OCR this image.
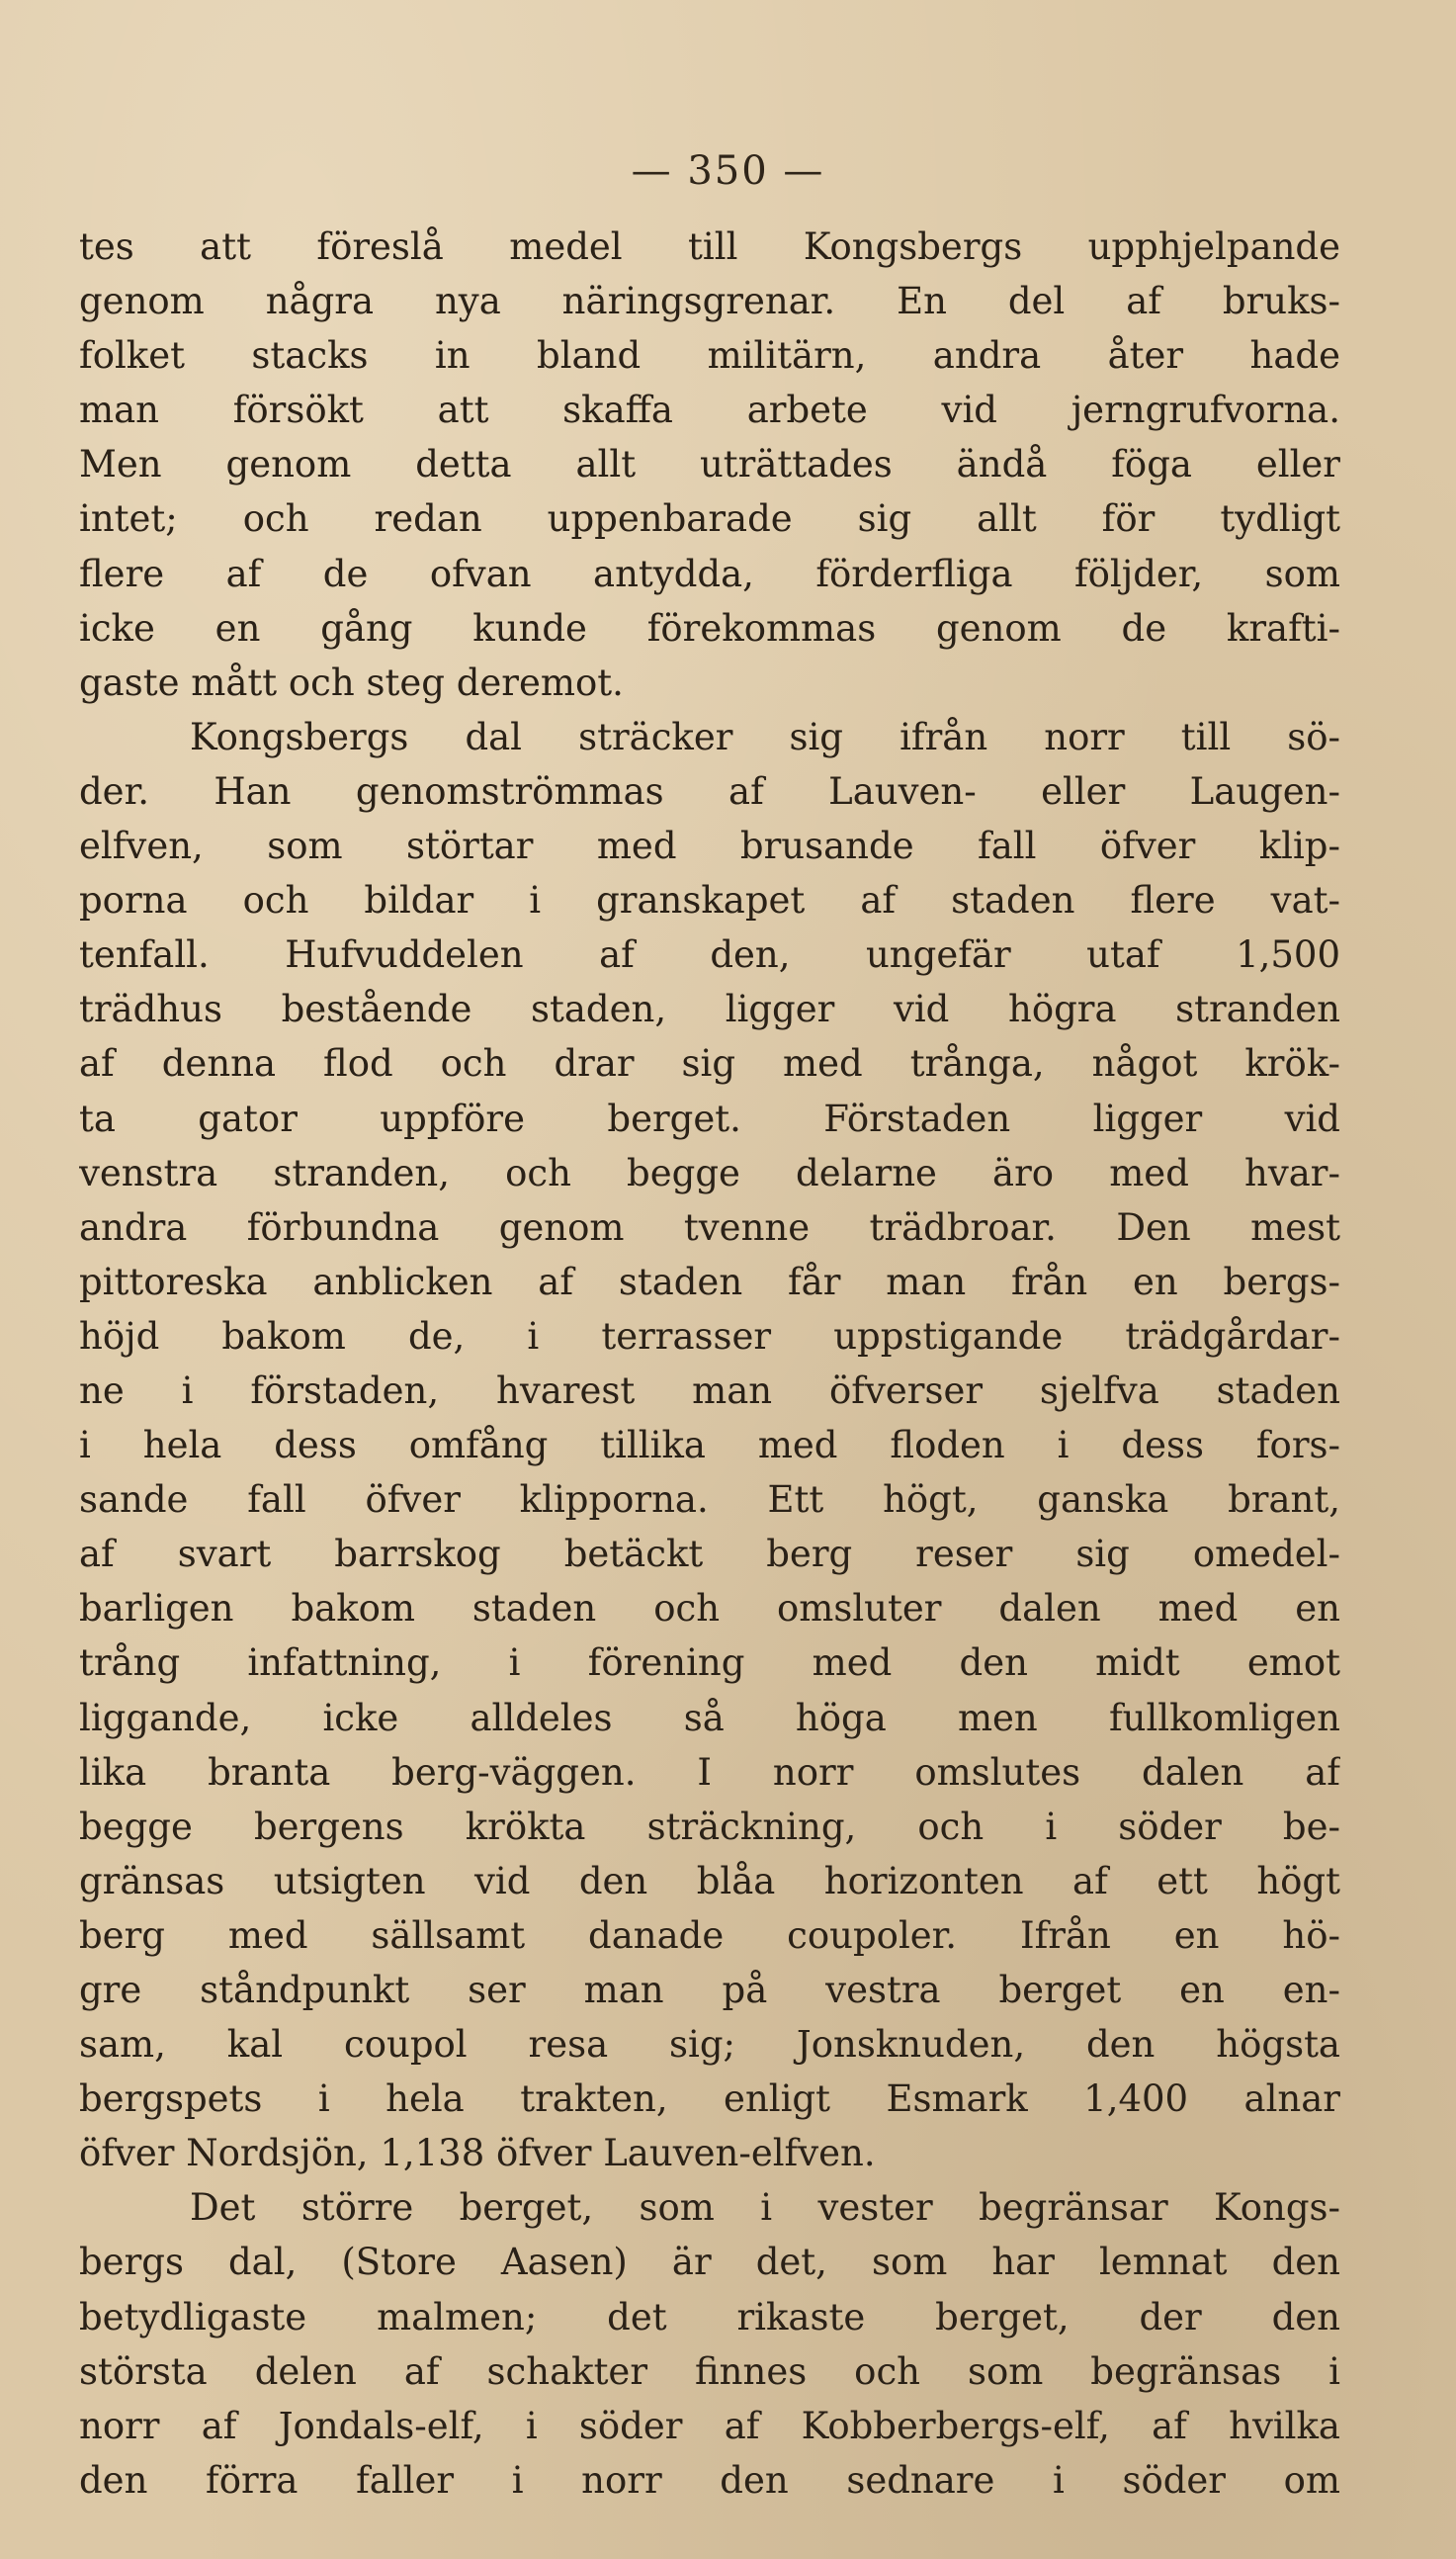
— 350 —
tes att föreslå medel till Kongsbergs upphjelpande
genom några nya näringsgrenar. En del af bruks-
folket stacks in bland militärn, andra åter hade
man försökt att skaffa arbete vid jerngrufvorna.
Men genom detta allt uträttades ändå föga eller
intet; och redan uppenbarade sig allt för tydligt
flere af de ofvan antydda, förderfliga följder, som
icke en gång kunde förekommas genom de krafti-
gaste mått och steg deremot.
Kongsbergs dal sträcker sig ifrån norr till sö-
der. Han genomströmmas af Lauven- eller Laugen-
elfven, som störtar med brusande fall öfver klip-
porna och bildar i granskapet af staden flere vat-
tenfall. Hufvuddelen af den, ungefär utaf 1,500
trädhus bestående staden, ligger vid högra stranden
af denna flod och drar sig med trånga, något krök-
ta gator uppföre berget. Förstaden ligger vid
venstra stranden, och begge delarne äro med hvar-
andra förbundna genom tvenne trädbroar. Den mest
pittoreska anblicken af staden får man från en bergs-
höjd bakom de, i terrasser uppstigande trädgårdar-
ne i förstaden, hvarest man öfverser sjelfva staden
i hela dess omfång tillika med floden i dess fors-
sande fall öfver klipporna. Ett högt, ganska brant,
af svart barrskog betäckt berg reser sig omedel-
barligen bakom staden och omsluter dalen med en
trång infattning, i förening med den midt emot
liggande, icke alldeles så höga men fullkomligen
lika branta berg-väggen. I norr omslutes dalen af
begge bergens krökta sträckning, och i söder be-
gränsas utsigten vid den blåa horizonten af ett högt
berg med sällsamt danade coupoler. Ifrån en hö-
gre ståndpunkt ser man på vestra berget en en-
sam, kal coupol resa sig; Jonsknuden, den högsta
bergspets i hela trakten, enligt Esmark 1,400 alnar
öfver Nordsjön, 1,138 öfver Lauven-elfven.
Det större berget, som i vester begränsar Kongs-
bergs dal, (Store Aasen) är det, som har lemnat den
betydligaste malmen; det rikaste berget, der den
största delen af schakter finnes och som begränsas i
norr af Jondals-elf, i söder af Kobberbergs-elf, af hvilka
den förra faller i norr den sednare i söder om
